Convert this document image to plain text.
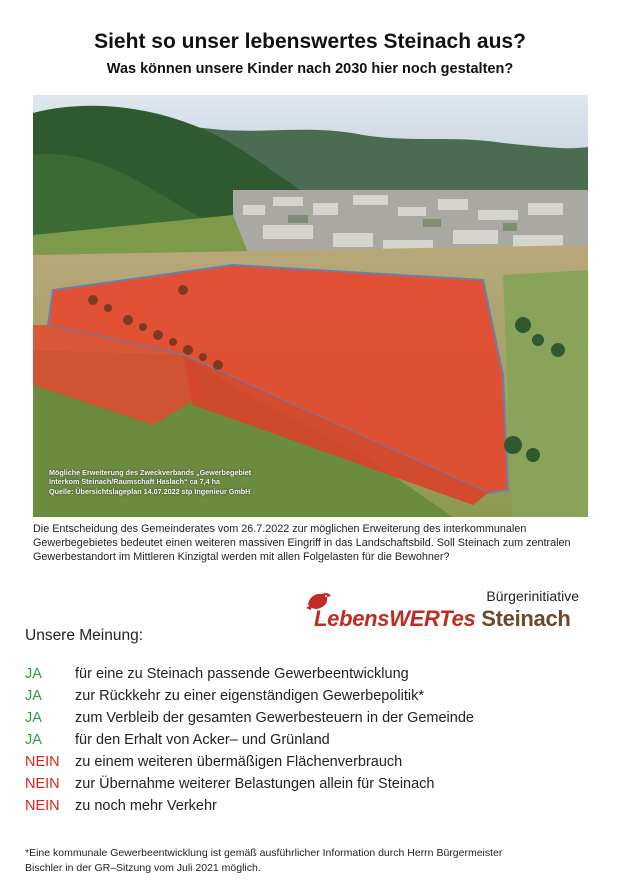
Sieht so unser lebenswertes Steinach aus?
Was können unsere Kinder nach 2030 hier noch gestalten?
Mögliche Erweiterung des Zweckverbands „Gewerbegebiet
Interkom Steinach/Raumschaft Haslach“ ca 7,4 ha
Quelle: Übersichtslageplan 14.07.2022 stp Ingenieur GmbH
Die Entscheidung des Gemeinderates vom 26.7.2022 zur möglichen Erweiterung des interkommunalen Gewerbegebietes bedeutet einen weiteren massiven Eingriff in das Landschaftsbild. Soll Steinach zum zentralen Gewerbestandort im Mittleren Kinzigtal werden mit allen Folgelasten für die Bewohner?
Bürgerinitiative
LebensWERTes Steinach
Unsere Meinung:
JA	für eine zu Steinach passende Gewerbeentwicklung
JA	zur Rückkehr zu einer eigenständigen Gewerbepolitik*
JA	zum Verbleib der gesamten Gewerbesteuern in der Gemeinde
JA	für den Erhalt von Acker– und Grünland
NEIN	zu einem weiteren übermäßigen Flächenverbrauch
NEIN	zur Übernahme weiterer Belastungen allein für Steinach
NEIN	zu noch mehr Verkehr
*Eine kommunale Gewerbeentwicklung ist gemäß ausführlicher Information durch Herrn Bürgermeister
Bischler in der GR–Sitzung vom Juli 2021 möglich.
